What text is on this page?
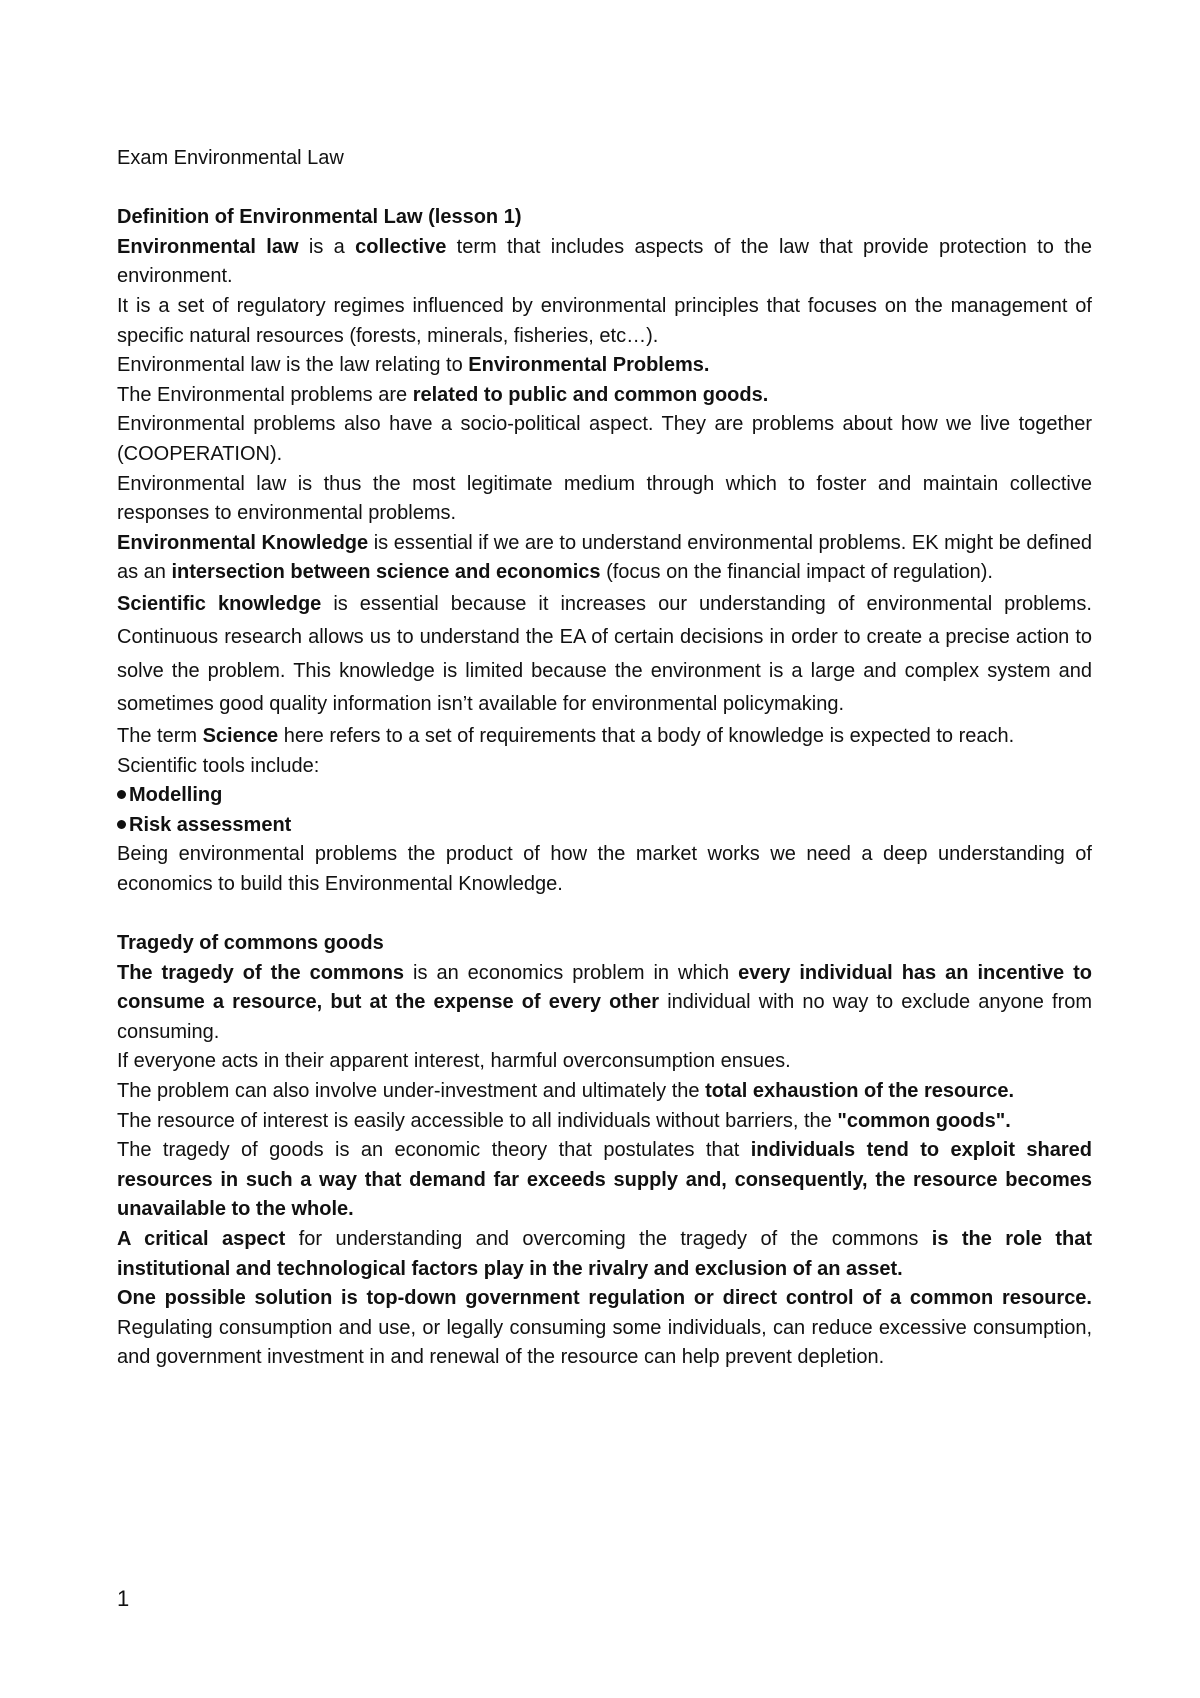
Exam Environmental Law

Definition of Environmental Law (lesson 1)

Environmental law is a collective term that includes aspects of the law that provide protection to the environment.

It is a set of regulatory regimes influenced by environmental principles that focuses on the management of specific natural resources (forests, minerals, fisheries, etc…).

Environmental law is the law relating to Environmental Problems.

The Environmental problems are related to public and common goods.

Environmental problems also have a socio-political aspect. They are problems about how we live together (COOPERATION).

Environmental law is thus the most legitimate medium through which to foster and maintain collective responses to environmental problems.

Environmental Knowledge is essential if we are to understand environmental problems. EK might be defined as an intersection between science and economics (focus on the financial impact of regulation).

Scientific knowledge is essential because it increases our understanding of environmental problems. Continuous research allows us to understand the EA of certain decisions in order to create a precise action to solve the problem. This knowledge is limited because the environment is a large and complex system and sometimes good quality information isn’t available for environmental policymaking.

The term Science here refers to a set of requirements that a body of knowledge is expected to reach.

Scientific tools include:

Modelling

Risk assessment

Being environmental problems the product of how the market works we need a deep understanding of economics to build this Environmental Knowledge.

Tragedy of commons goods

The tragedy of the commons is an economics problem in which every individual has an incentive to consume a resource, but at the expense of every other individual with no way to exclude anyone from consuming.

If everyone acts in their apparent interest, harmful overconsumption ensues.

The problem can also involve under-investment and ultimately the total exhaustion of the resource.

The resource of interest is easily accessible to all individuals without barriers, the "common goods".

The tragedy of goods is an economic theory that postulates that individuals tend to exploit shared resources in such a way that demand far exceeds supply and, consequently, the resource becomes unavailable to the whole.

A critical aspect for understanding and overcoming the tragedy of the commons is the role that institutional and technological factors play in the rivalry and exclusion of an asset.

One possible solution is top-down government regulation or direct control of a common resource. Regulating consumption and use, or legally consuming some individuals, can reduce excessive consumption, and government investment in and renewal of the resource can help prevent depletion.

1
